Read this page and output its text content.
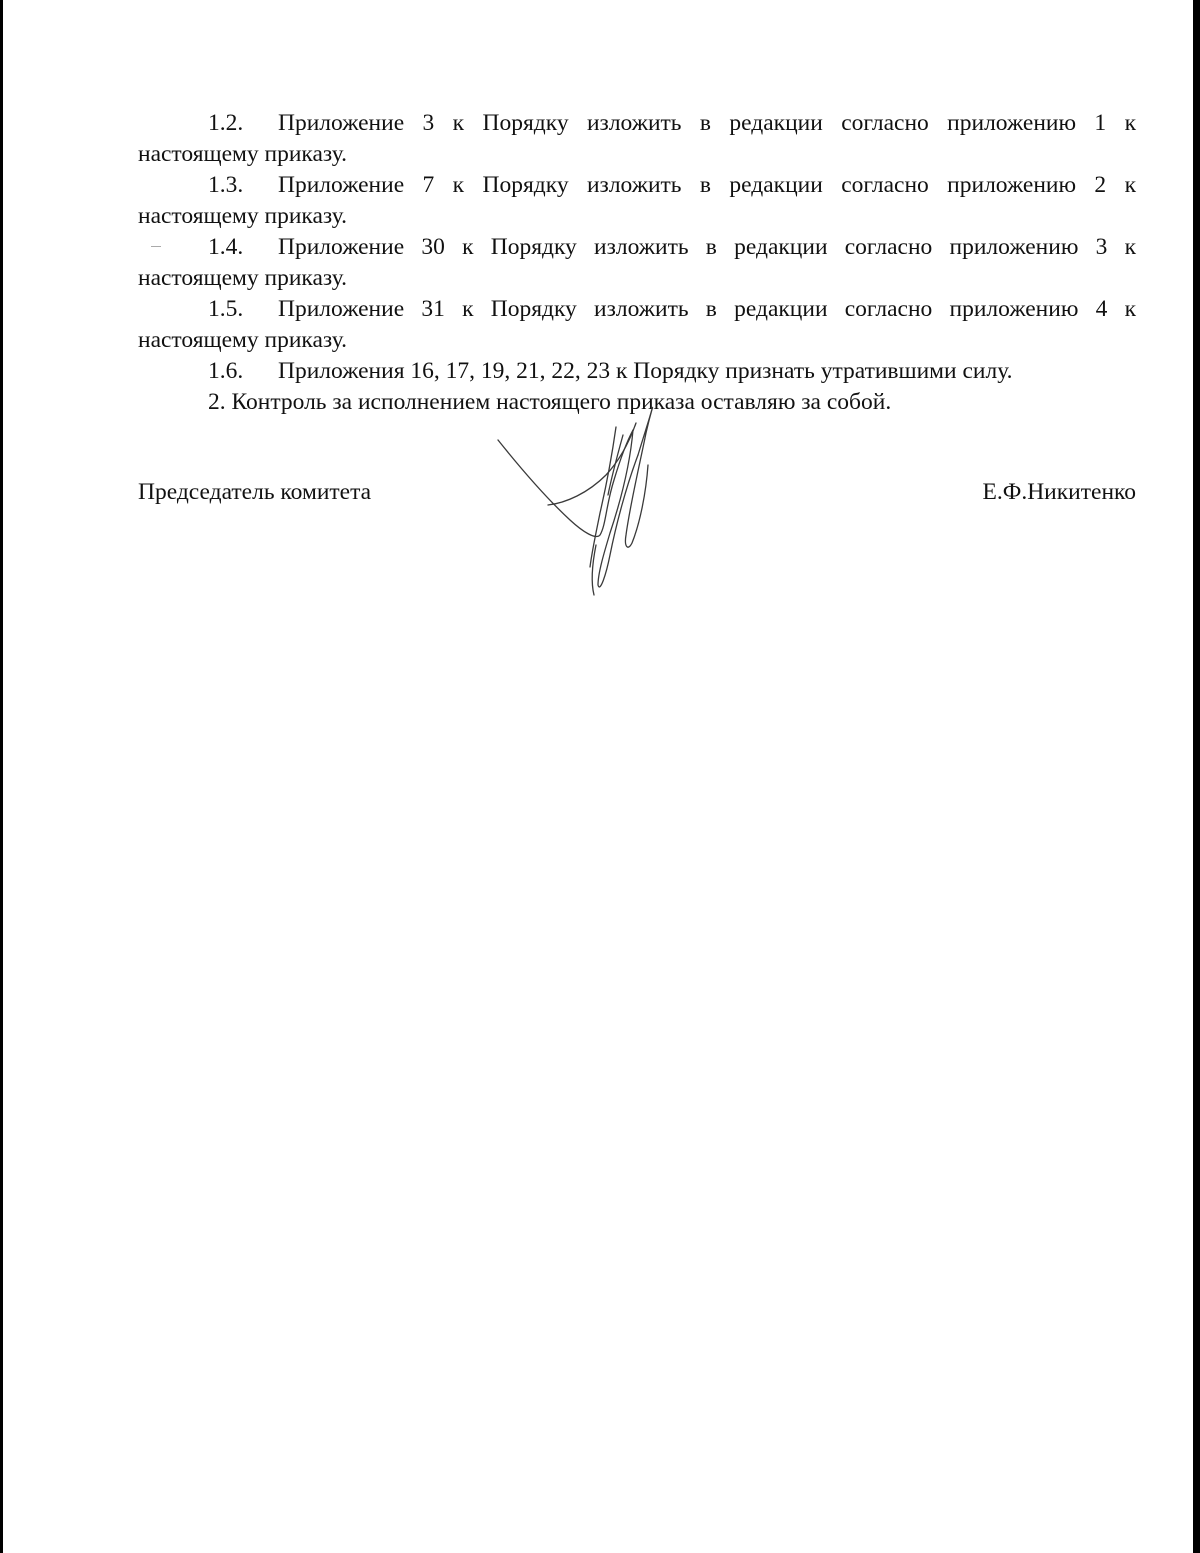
1.2. Приложение 3 к Порядку изложить в редакции согласно приложению 1 к настоящему приказу.

1.3. Приложение 7 к Порядку изложить в редакции согласно приложению 2 к настоящему приказу.

1.4. Приложение 30 к Порядку изложить в редакции согласно приложению 3 к настоящему приказу.

1.5. Приложение 31 к Порядку изложить в редакции согласно приложению 4 к настоящему приказу.

1.6. Приложения 16, 17, 19, 21, 22, 23 к Порядку признать утратившими силу.

2. Контроль за исполнением настоящего приказа оставляю за собой.

Председатель комитета	Е.Ф.Никитенко
